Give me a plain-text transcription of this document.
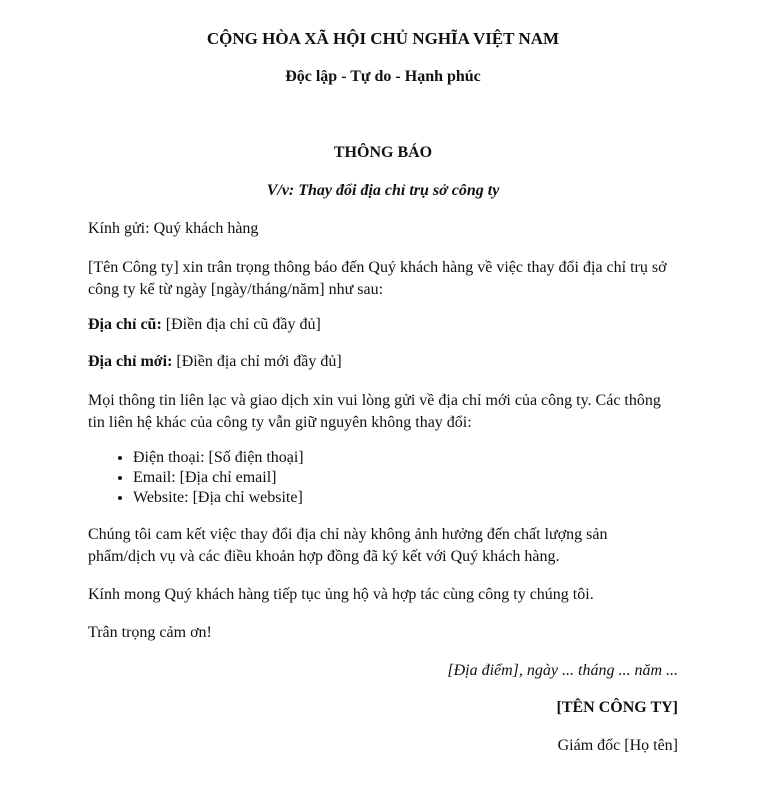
CỘNG HÒA XÃ HỘI CHỦ NGHĨA VIỆT NAM
Độc lập - Tự do - Hạnh phúc
THÔNG BÁO
V/v: Thay đổi địa chỉ trụ sở công ty
Kính gửi: Quý khách hàng
[Tên Công ty] xin trân trọng thông báo đến Quý khách hàng về việc thay đổi địa chỉ trụ sở công ty kể từ ngày [ngày/tháng/năm] như sau:
Địa chỉ cũ: [Điền địa chỉ cũ đầy đủ]
Địa chỉ mới: [Điền địa chỉ mới đầy đủ]
Mọi thông tin liên lạc và giao dịch xin vui lòng gửi về địa chỉ mới của công ty. Các thông tin liên hệ khác của công ty vẫn giữ nguyên không thay đổi:
• Điện thoại: [Số điện thoại]
• Email: [Địa chỉ email]
• Website: [Địa chỉ website]
Chúng tôi cam kết việc thay đổi địa chỉ này không ảnh hưởng đến chất lượng sản phẩm/dịch vụ và các điều khoản hợp đồng đã ký kết với Quý khách hàng.
Kính mong Quý khách hàng tiếp tục ủng hộ và hợp tác cùng công ty chúng tôi.
Trân trọng cảm ơn!
[Địa điểm], ngày ... tháng ... năm ...
[TÊN CÔNG TY]
Giám đốc [Họ tên]
